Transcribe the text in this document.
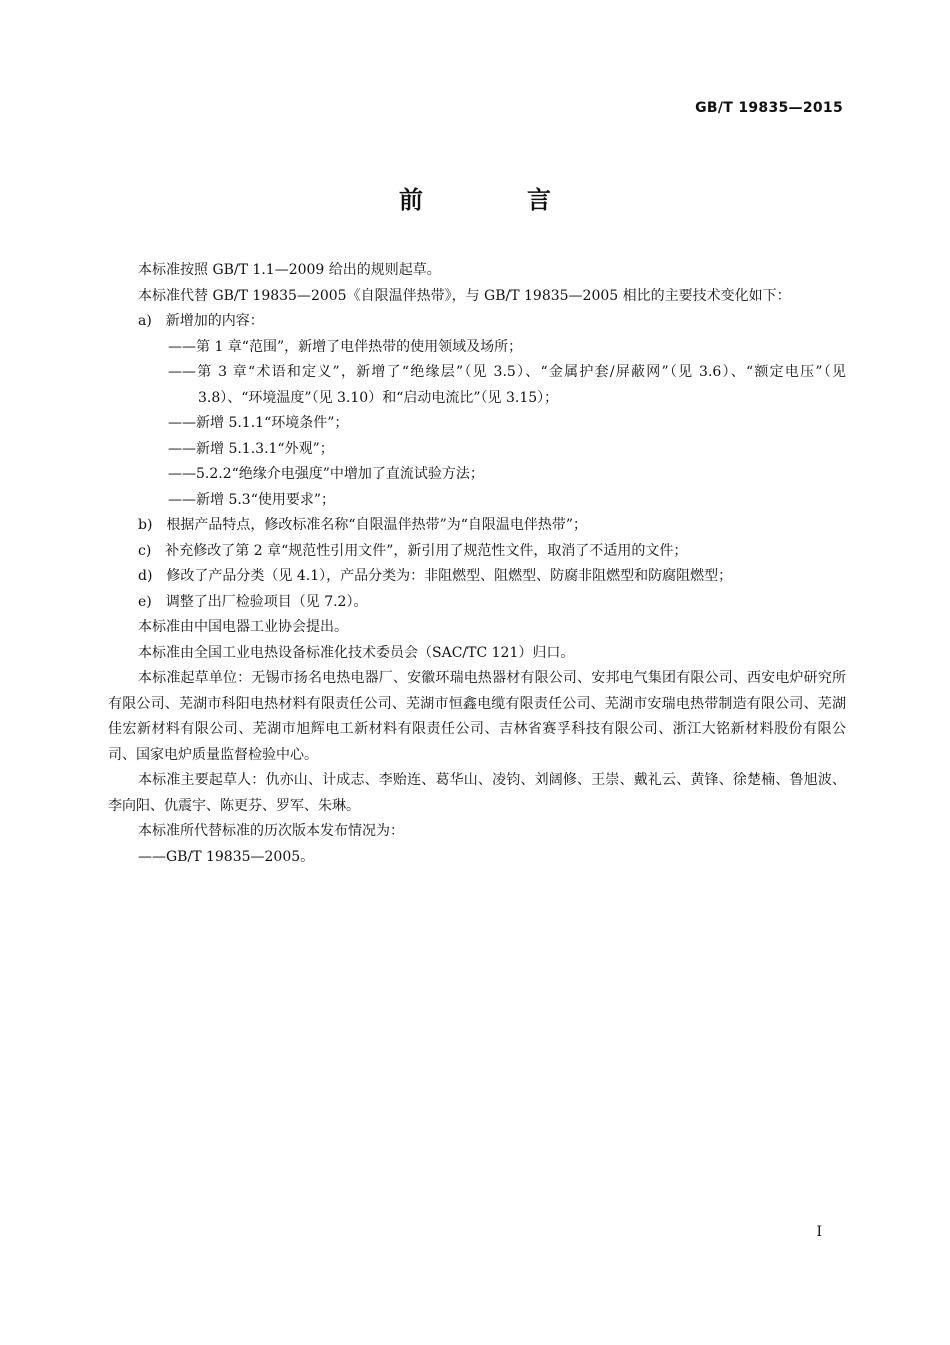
GB/T 19835—2015
前　言

本标准按照 GB/T 1.1—2009 给出的规则起草。

本标准代替 GB/T 19835—2005《自限温伴热带》，与 GB/T 19835—2005 相比的主要技术变化如下：

a)　新增加的内容：

——第 1 章“范围”，新增了电伴热带的使用领域及场所；

——第 3 章“术语和定义”，新增了“绝缘层”（见 3.5）、“金属护套/屏蔽网”（见 3.6）、“额定电压”（见 3.8）、“环境温度”（见 3.10）和“启动电流比”（见 3.15）；

——新增 5.1.1“环境条件”；

——新增 5.1.3.1“外观”；

——5.2.2“绝缘介电强度”中增加了直流试验方法；

——新增 5.3“使用要求”；

b)　根据产品特点，修改标准名称“自限温伴热带”为“自限温电伴热带”；

c)　补充修改了第 2 章“规范性引用文件”，新引用了规范性文件，取消了不适用的文件；

d)　修改了产品分类（见 4.1），产品分类为：非阻燃型、阻燃型、防腐非阻燃型和防腐阻燃型；

e)　调整了出厂检验项目（见 7.2）。

本标准由中国电器工业协会提出。

本标准由全国工业电热设备标准化技术委员会（SAC/TC 121）归口。

本标准起草单位：无锡市扬名电热电器厂、安徽环瑞电热器材有限公司、安邦电气集团有限公司、西安电炉研究所有限公司、芜湖市科阳电热材料有限责任公司、芜湖市恒鑫电缆有限责任公司、芜湖市安瑞电热带制造有限公司、芜湖佳宏新材料有限公司、芜湖市旭辉电工新材料有限责任公司、吉林省赛孚科技有限公司、浙江大铭新材料股份有限公司、国家电炉质量监督检验中心。

本标准主要起草人：仇亦山、计成志、李贻连、葛华山、凌钧、刘阔修、王崇、戴礼云、黄锋、徐楚楠、鲁旭波、李向阳、仇震宇、陈更芬、罗军、朱琳。

本标准所代替标准的历次版本发布情况为：

——GB/T 19835—2005。

I
